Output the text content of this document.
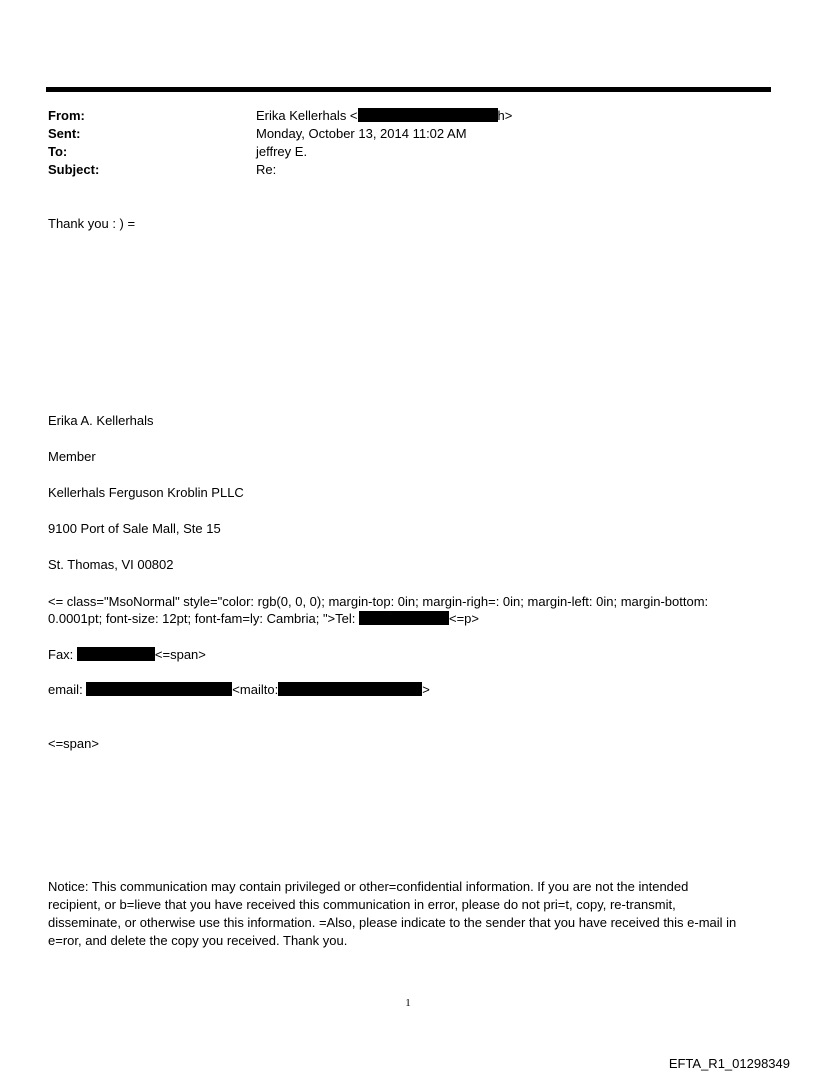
From:	Erika Kellerhals <	h>
Sent:	Monday, October 13, 2014 11:02 AM
To:	jeffrey E.
Subject:	Re:
Thank you : ) =
Erika A. Kellerhals
Member
Kellerhals Ferguson Kroblin PLLC
9100 Port of Sale Mall, Ste 15
St. Thomas, VI 00802
<= class="MsoNormal" style="color: rgb(0, 0, 0); margin-top: 0in; margin-righ=: 0in; margin-left: 0in; margin-bottom:
0.0001pt; font-size: 12pt; font-fam=ly: Cambria; ">Tel:	<=p>
Fax:	<=span>
email:	<mailto:	>
<=span>
Notice: This communication may contain privileged or other=confidential information. If you are not the intended
recipient, or b=lieve that you have received this communication in error, please do not pri=t, copy, re-transmit,
disseminate, or otherwise use this information. =Also, please indicate to the sender that you have received this e-mail in
e=ror, and delete the copy you received. Thank you.
1
EFTA_R1_01298349
